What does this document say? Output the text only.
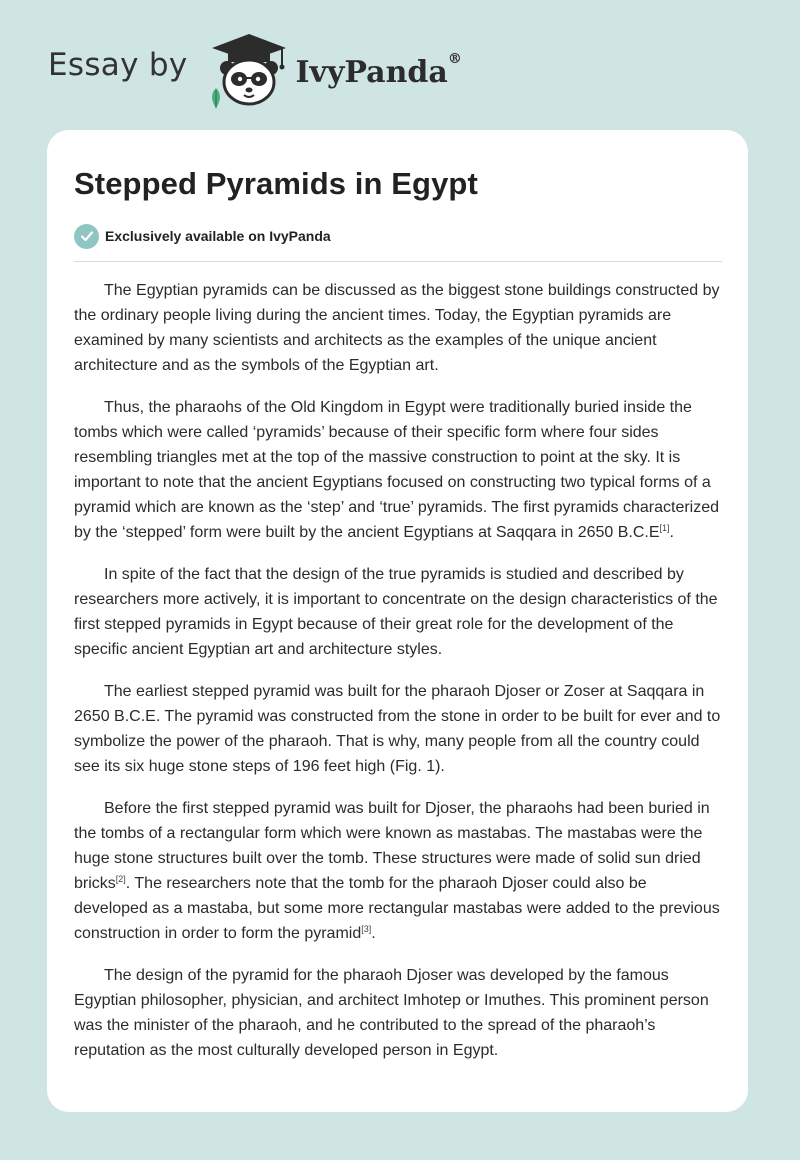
Essay by	IvyPanda®
Stepped Pyramids in Egypt
Exclusively available on IvyPanda

The Egyptian pyramids can be discussed as the biggest stone buildings constructed by the ordinary people living during the ancient times. Today, the Egyptian pyramids are examined by many scientists and architects as the examples of the unique ancient architecture and as the symbols of the Egyptian art.

Thus, the pharaohs of the Old Kingdom in Egypt were traditionally buried inside the tombs which were called ‘pyramids’ because of their specific form where four sides resembling triangles met at the top of the massive construction to point at the sky. It is important to note that the ancient Egyptians focused on constructing two typical forms of a pyramid which are known as the ‘step’ and ‘true’ pyramids. The first pyramids characterized by the ‘stepped’ form were built by the ancient Egyptians at Saqqara in 2650 B.C.E[1].

In spite of the fact that the design of the true pyramids is studied and described by researchers more actively, it is important to concentrate on the design characteristics of the first stepped pyramids in Egypt because of their great role for the development of the specific ancient Egyptian art and architecture styles.

The earliest stepped pyramid was built for the pharaoh Djoser or Zoser at Saqqara in 2650 B.C.E. The pyramid was constructed from the stone in order to be built for ever and to symbolize the power of the pharaoh. That is why, many people from all the country could see its six huge stone steps of 196 feet high (Fig. 1).

Before the first stepped pyramid was built for Djoser, the pharaohs had been buried in the tombs of a rectangular form which were known as mastabas. The mastabas were the huge stone structures built over the tomb. These structures were made of solid sun dried bricks[2]. The researchers note that the tomb for the pharaoh Djoser could also be developed as a mastaba, but some more rectangular mastabas were added to the previous construction in order to form the pyramid[3].

The design of the pyramid for the pharaoh Djoser was developed by the famous Egyptian philosopher, physician, and architect Imhotep or Imuthes. This prominent person was the minister of the pharaoh, and he contributed to the spread of the pharaoh’s reputation as the most culturally developed person in Egypt.
